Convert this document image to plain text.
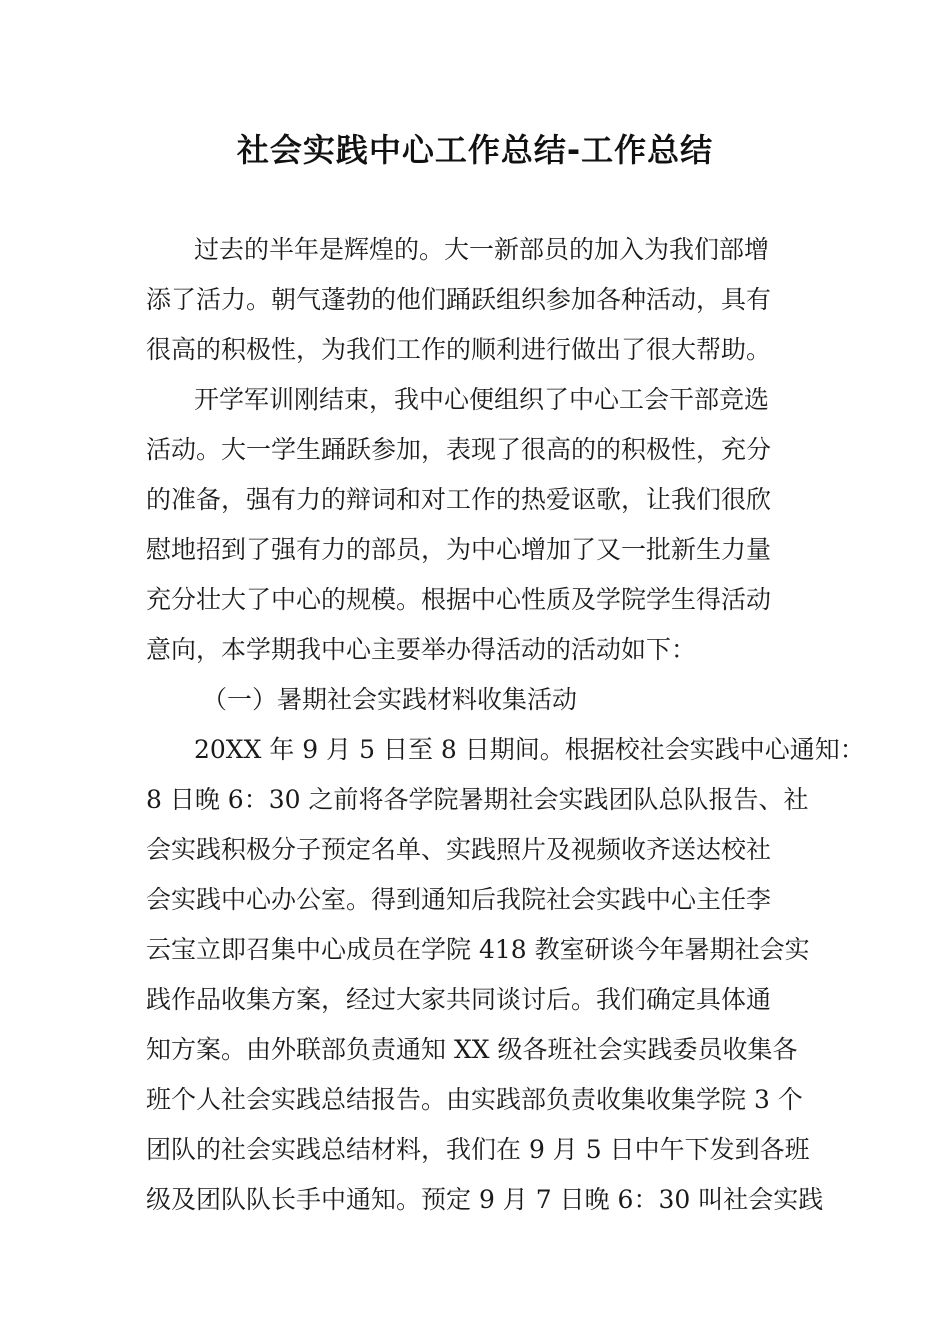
社会实践中心工作总结-工作总结
过去的半年是辉煌的。大一新部员的加入为我们部增
添了活力。朝气蓬勃的他们踊跃组织参加各种活动，具有
很高的积极性，为我们工作的顺利进行做出了很大帮助。
开学军训刚结束，我中心便组织了中心工会干部竞选
活动。大一学生踊跃参加，表现了很高的的积极性，充分
的准备，强有力的辩词和对工作的热爱讴歌，让我们很欣
慰地招到了强有力的部员，为中心增加了又一批新生力量
充分壮大了中心的规模。根据中心性质及学院学生得活动
意向，本学期我中心主要举办得活动的活动如下：
（一）暑期社会实践材料收集活动
20XX 年 9 月 5 日至 8 日期间。根据校社会实践中心通知：
8 日晚 6：30 之前将各学院暑期社会实践团队总队报告、社
会实践积极分子预定名单、实践照片及视频收齐送达校社
会实践中心办公室。得到通知后我院社会实践中心主任李
云宝立即召集中心成员在学院 418 教室研谈今年暑期社会实
践作品收集方案，经过大家共同谈讨后。我们确定具体通
知方案。由外联部负责通知 XX 级各班社会实践委员收集各
班个人社会实践总结报告。由实践部负责收集收集学院 3 个
团队的社会实践总结材料，我们在 9 月 5 日中午下发到各班
级及团队队长手中通知。预定 9 月 7 日晚 6：30 叫社会实践
